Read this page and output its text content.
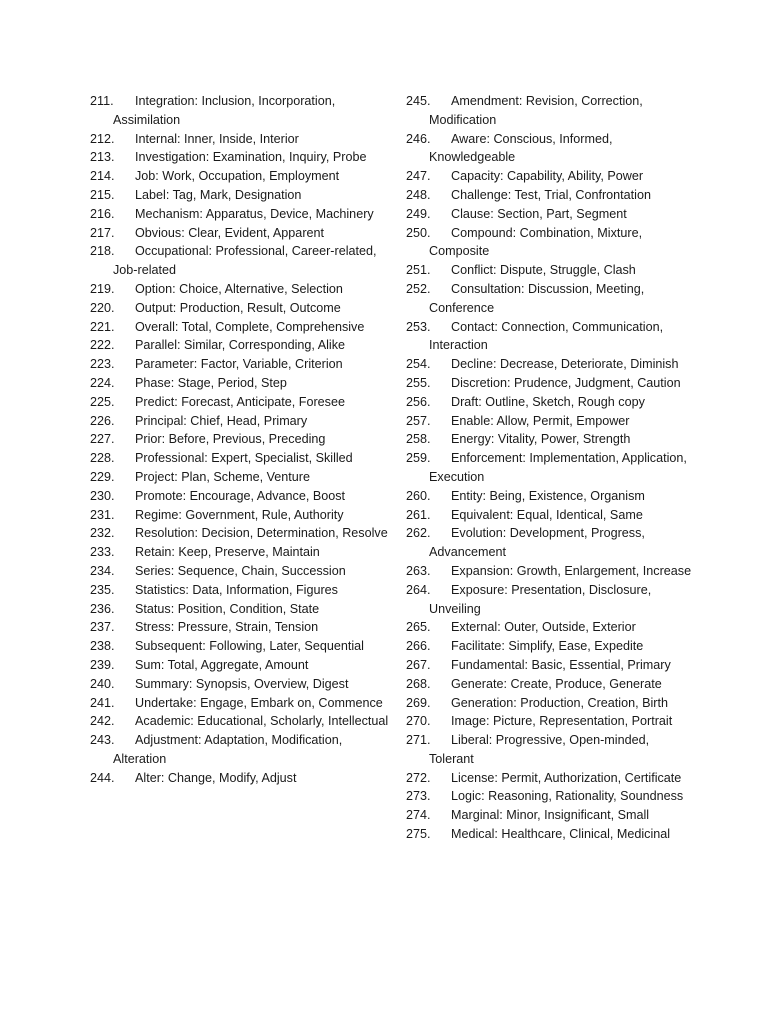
211. Integration: Inclusion, Incorporation, Assimilation
212. Internal: Inner, Inside, Interior
213. Investigation: Examination, Inquiry, Probe
214. Job: Work, Occupation, Employment
215. Label: Tag, Mark, Designation
216. Mechanism: Apparatus, Device, Machinery
217. Obvious: Clear, Evident, Apparent
218. Occupational: Professional, Career-related, Job-related
219. Option: Choice, Alternative, Selection
220. Output: Production, Result, Outcome
221. Overall: Total, Complete, Comprehensive
222. Parallel: Similar, Corresponding, Alike
223. Parameter: Factor, Variable, Criterion
224. Phase: Stage, Period, Step
225. Predict: Forecast, Anticipate, Foresee
226. Principal: Chief, Head, Primary
227. Prior: Before, Previous, Preceding
228. Professional: Expert, Specialist, Skilled
229. Project: Plan, Scheme, Venture
230. Promote: Encourage, Advance, Boost
231. Regime: Government, Rule, Authority
232. Resolution: Decision, Determination, Resolve
233. Retain: Keep, Preserve, Maintain
234. Series: Sequence, Chain, Succession
235. Statistics: Data, Information, Figures
236. Status: Position, Condition, State
237. Stress: Pressure, Strain, Tension
238. Subsequent: Following, Later, Sequential
239. Sum: Total, Aggregate, Amount
240. Summary: Synopsis, Overview, Digest
241. Undertake: Engage, Embark on, Commence
242. Academic: Educational, Scholarly, Intellectual
243. Adjustment: Adaptation, Modification, Alteration
244. Alter: Change, Modify, Adjust
245. Amendment: Revision, Correction, Modification
246. Aware: Conscious, Informed, Knowledgeable
247. Capacity: Capability, Ability, Power
248. Challenge: Test, Trial, Confrontation
249. Clause: Section, Part, Segment
250. Compound: Combination, Mixture, Composite
251. Conflict: Dispute, Struggle, Clash
252. Consultation: Discussion, Meeting, Conference
253. Contact: Connection, Communication, Interaction
254. Decline: Decrease, Deteriorate, Diminish
255. Discretion: Prudence, Judgment, Caution
256. Draft: Outline, Sketch, Rough copy
257. Enable: Allow, Permit, Empower
258. Energy: Vitality, Power, Strength
259. Enforcement: Implementation, Application, Execution
260. Entity: Being, Existence, Organism
261. Equivalent: Equal, Identical, Same
262. Evolution: Development, Progress, Advancement
263. Expansion: Growth, Enlargement, Increase
264. Exposure: Presentation, Disclosure, Unveiling
265. External: Outer, Outside, Exterior
266. Facilitate: Simplify, Ease, Expedite
267. Fundamental: Basic, Essential, Primary
268. Generate: Create, Produce, Generate
269. Generation: Production, Creation, Birth
270. Image: Picture, Representation, Portrait
271. Liberal: Progressive, Open-minded, Tolerant
272. License: Permit, Authorization, Certificate
273. Logic: Reasoning, Rationality, Soundness
274. Marginal: Minor, Insignificant, Small
275. Medical: Healthcare, Clinical, Medicinal
